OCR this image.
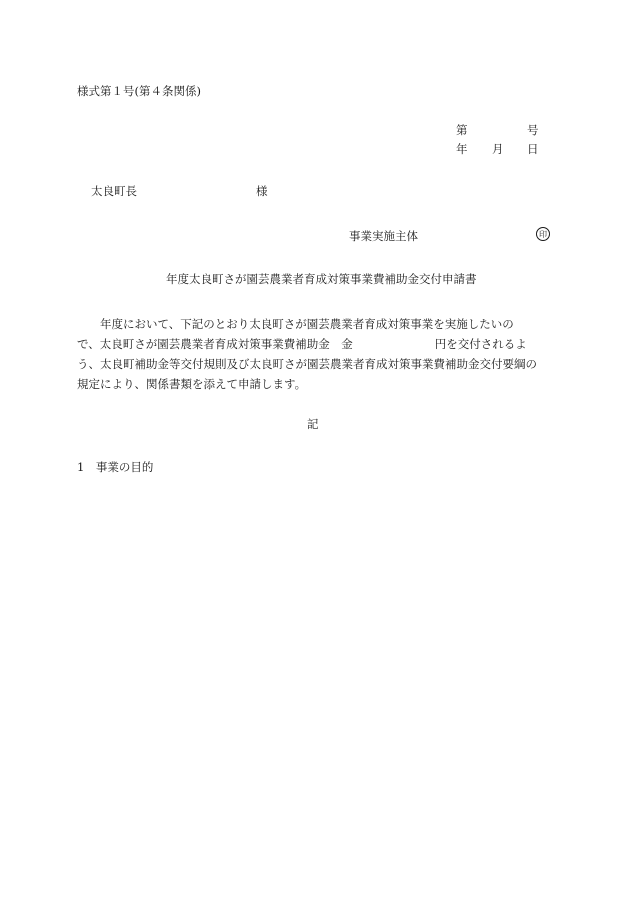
様式第１号(第４条関係)
第	号
年 月 日
太良町長	様
事業実施主体	印
年度太良町さが園芸農業者育成対策事業費補助金交付申請書
　　年度において、下記のとおり太良町さが園芸農業者育成対策事業を実施したいの
で、太良町さが園芸農業者育成対策事業費補助金　金	円を交付されるよ
う、太良町補助金等交付規則及び太良町さが園芸農業者育成対策事業費補助金交付要綱の
規定により、関係書類を添えて申請します。
記
1　事業の目的
